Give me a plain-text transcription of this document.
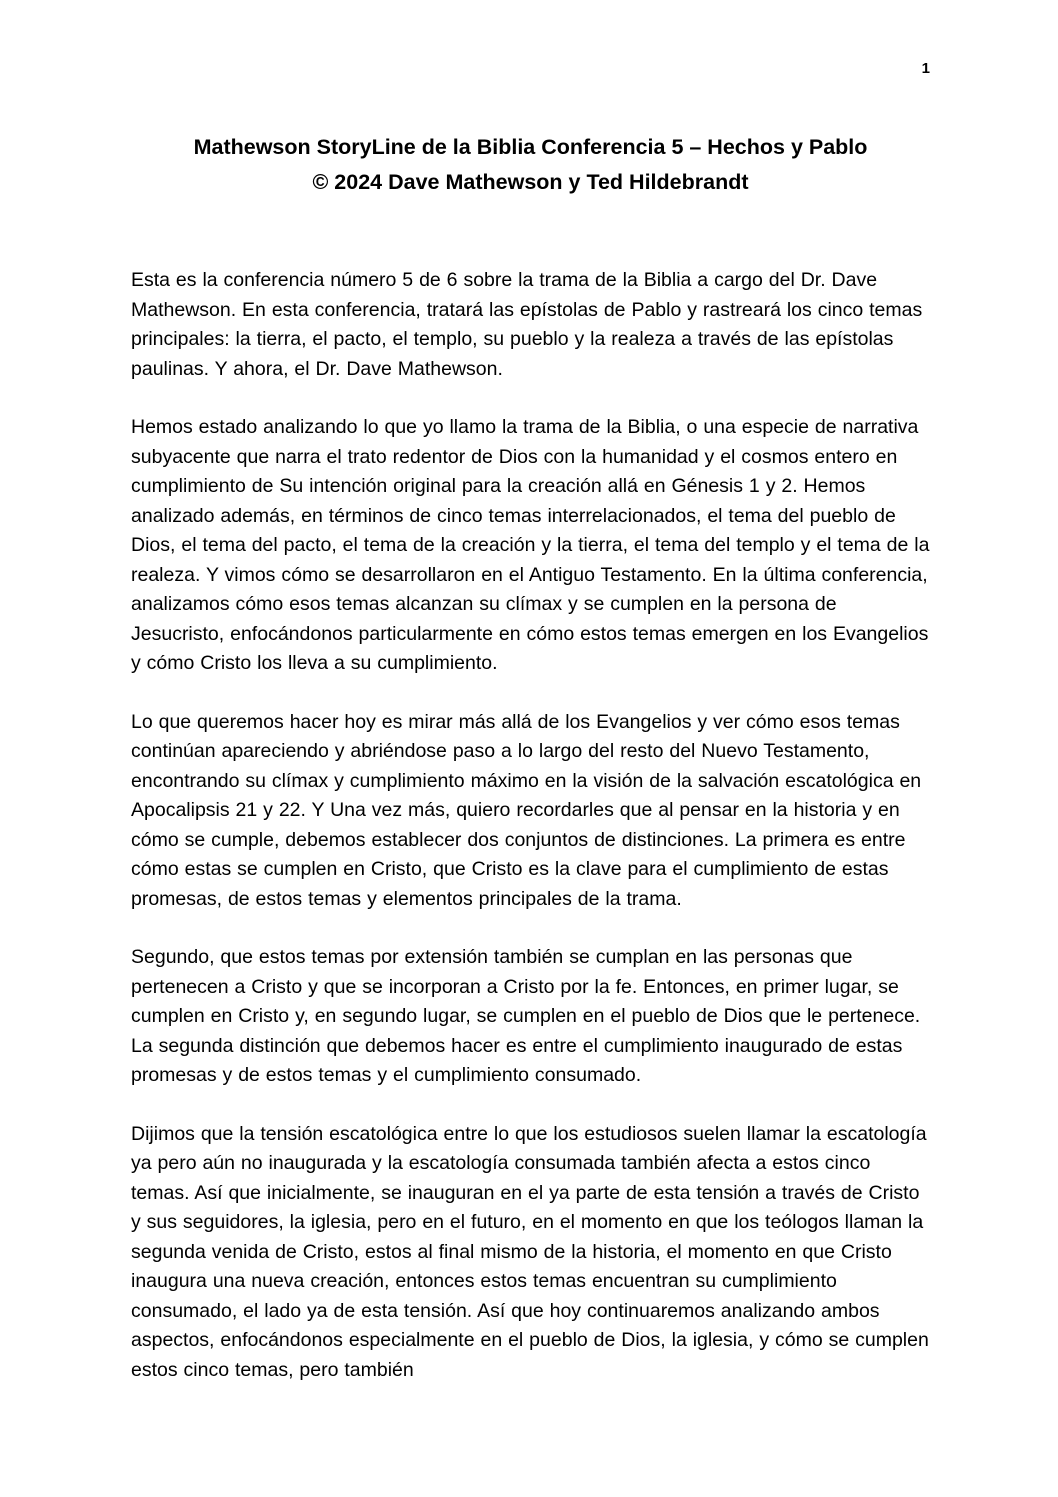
1
Mathewson StoryLine de la Biblia Conferencia 5 – Hechos y Pablo
© 2024 Dave Mathewson y Ted Hildebrandt

Esta es la conferencia número 5 de 6 sobre la trama de la Biblia a cargo del Dr. Dave Mathewson. En esta conferencia, tratará las epístolas de Pablo y rastreará los cinco temas principales: la tierra, el pacto, el templo, su pueblo y la realeza a través de las epístolas paulinas. Y ahora, el Dr. Dave Mathewson.

Hemos estado analizando lo que yo llamo la trama de la Biblia, o una especie de narrativa subyacente que narra el trato redentor de Dios con la humanidad y el cosmos entero en cumplimiento de Su intención original para la creación allá en Génesis 1 y 2. Hemos analizado además, en términos de cinco temas interrelacionados, el tema del pueblo de Dios, el tema del pacto, el tema de la creación y la tierra, el tema del templo y el tema de la realeza. Y vimos cómo se desarrollaron en el Antiguo Testamento. En la última conferencia, analizamos cómo esos temas alcanzan su clímax y se cumplen en la persona de Jesucristo, enfocándonos particularmente en cómo estos temas emergen en los Evangelios y cómo Cristo los lleva a su cumplimiento.

Lo que queremos hacer hoy es mirar más allá de los Evangelios y ver cómo esos temas continúan apareciendo y abriéndose paso a lo largo del resto del Nuevo Testamento, encontrando su clímax y cumplimiento máximo en la visión de la salvación escatológica en Apocalipsis 21 y 22. Y Una vez más, quiero recordarles que al pensar en la historia y en cómo se cumple, debemos establecer dos conjuntos de distinciones. La primera es entre cómo estas se cumplen en Cristo, que Cristo es la clave para el cumplimiento de estas promesas, de estos temas y elementos principales de la trama.

Segundo, que estos temas por extensión también se cumplan en las personas que pertenecen a Cristo y que se incorporan a Cristo por la fe. Entonces, en primer lugar, se cumplen en Cristo y, en segundo lugar, se cumplen en el pueblo de Dios que le pertenece. La segunda distinción que debemos hacer es entre el cumplimiento inaugurado de estas promesas y de estos temas y el cumplimiento consumado.

Dijimos que la tensión escatológica entre lo que los estudiosos suelen llamar la escatología ya pero aún no inaugurada y la escatología consumada también afecta a estos cinco temas. Así que inicialmente, se inauguran en el ya parte de esta tensión a través de Cristo y sus seguidores, la iglesia, pero en el futuro, en el momento en que los teólogos llaman la segunda venida de Cristo, estos al final mismo de la historia, el momento en que Cristo inaugura una nueva creación, entonces estos temas encuentran su cumplimiento consumado, el lado ya de esta tensión. Así que hoy continuaremos analizando ambos aspectos, enfocándonos especialmente en el pueblo de Dios, la iglesia, y cómo se cumplen estos cinco temas, pero también
